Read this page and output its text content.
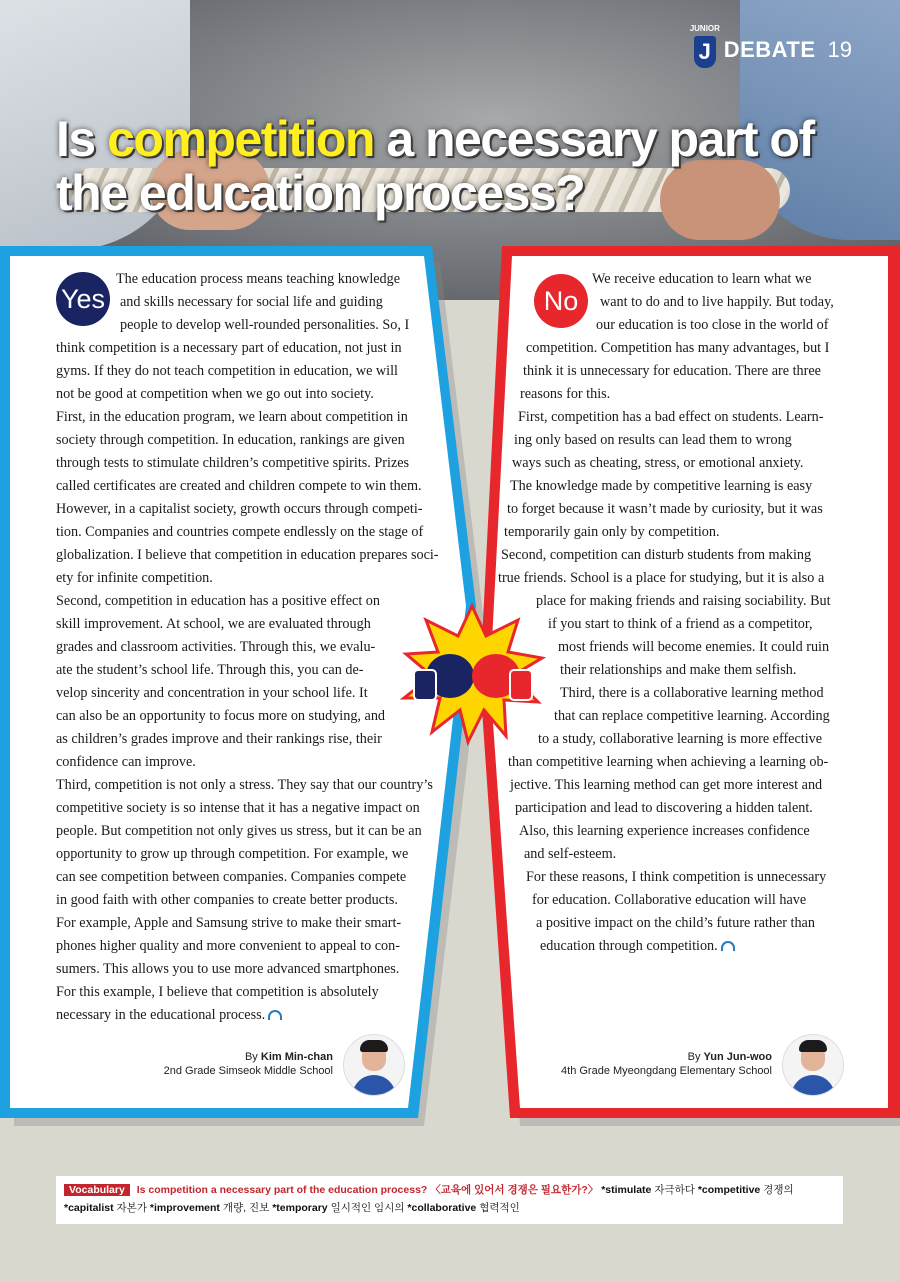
JUNIOR
J DEBATE 19
Is competition a necessary part of the education process?
Yes	No
The education process means teaching knowledge
and skills necessary for social life and guiding
people to develop well-rounded personalities. So, I
think competition is a necessary part of education, not just in
gyms. If they do not teach competition in education, we will
not be good at competition when we go out into society.
First, in the education program, we learn about competition in
society through competition. In education, rankings are given
through tests to stimulate children’s competitive spirits. Prizes
called certificates are created and children compete to win them.
However, in a capitalist society, growth occurs through competi-
tion. Companies and countries compete endlessly on the stage of
globalization. I believe that competition in education prepares soci-
ety for infinite competition.
Second, competition in education has a positive effect on
skill improvement. At school, we are evaluated through
grades and classroom activities. Through this, we evalu-
ate the student’s school life. Through this, you can de-
velop sincerity and concentration in your school life. It
can also be an opportunity to focus more on studying, and
as children’s grades improve and their rankings rise, their
confidence can improve.
Third, competition is not only a stress. They say that our country’s
competitive society is so intense that it has a negative impact on
people. But competition not only gives us stress, but it can be an
opportunity to grow up through competition. For example, we
can see competition between companies. Companies compete
in good faith with other companies to create better products.
For example, Apple and Samsung strive to make their smart-
phones higher quality and more convenient to appeal to con-
sumers. This allows you to use more advanced smartphones.
For this example, I believe that competition is absolutely
necessary in the educational process.
We receive education to learn what we
want to do and to live happily. But today,
our education is too close in the world of
competition. Competition has many advantages, but I
think it is unnecessary for education. There are three
reasons for this.
First, competition has a bad effect on students. Learn-
ing only based on results can lead them to wrong
ways such as cheating, stress, or emotional anxiety.
The knowledge made by competitive learning is easy
to forget because it wasn’t made by curiosity, but it was
temporarily gain only by competition.
Second, competition can disturb students from making
true friends. School is a place for studying, but it is also a
place for making friends and raising sociability. But
if you start to think of a friend as a competitor,
most friends will become enemies. It could ruin
their relationships and make them selfish.
Third, there is a collaborative learning method
that can replace competitive learning. According
to a study, collaborative learning is more effective
than competitive learning when achieving a learning ob-
jective. This learning method can get more interest and
participation and lead to discovering a hidden talent.
Also, this learning experience increases confidence
and self-esteem.
For these reasons, I think competition is unnecessary
for education. Collaborative education will have
a positive impact on the child’s future rather than
education through competition.
By Kim Min-chan
2nd Grade Simseok Middle School
By Yun Jun-woo
4th Grade Myeongdang Elementary School
Vocabulary Is competition a necessary part of the education process? 〈교육에 있어서 경쟁은 필요한가?〉 *stimulate 자극하다 *competitive 경쟁의 *capitalist 자본가 *improvement 개량, 진보 *temporary 일시적인 임시의 *collaborative 협력적인
